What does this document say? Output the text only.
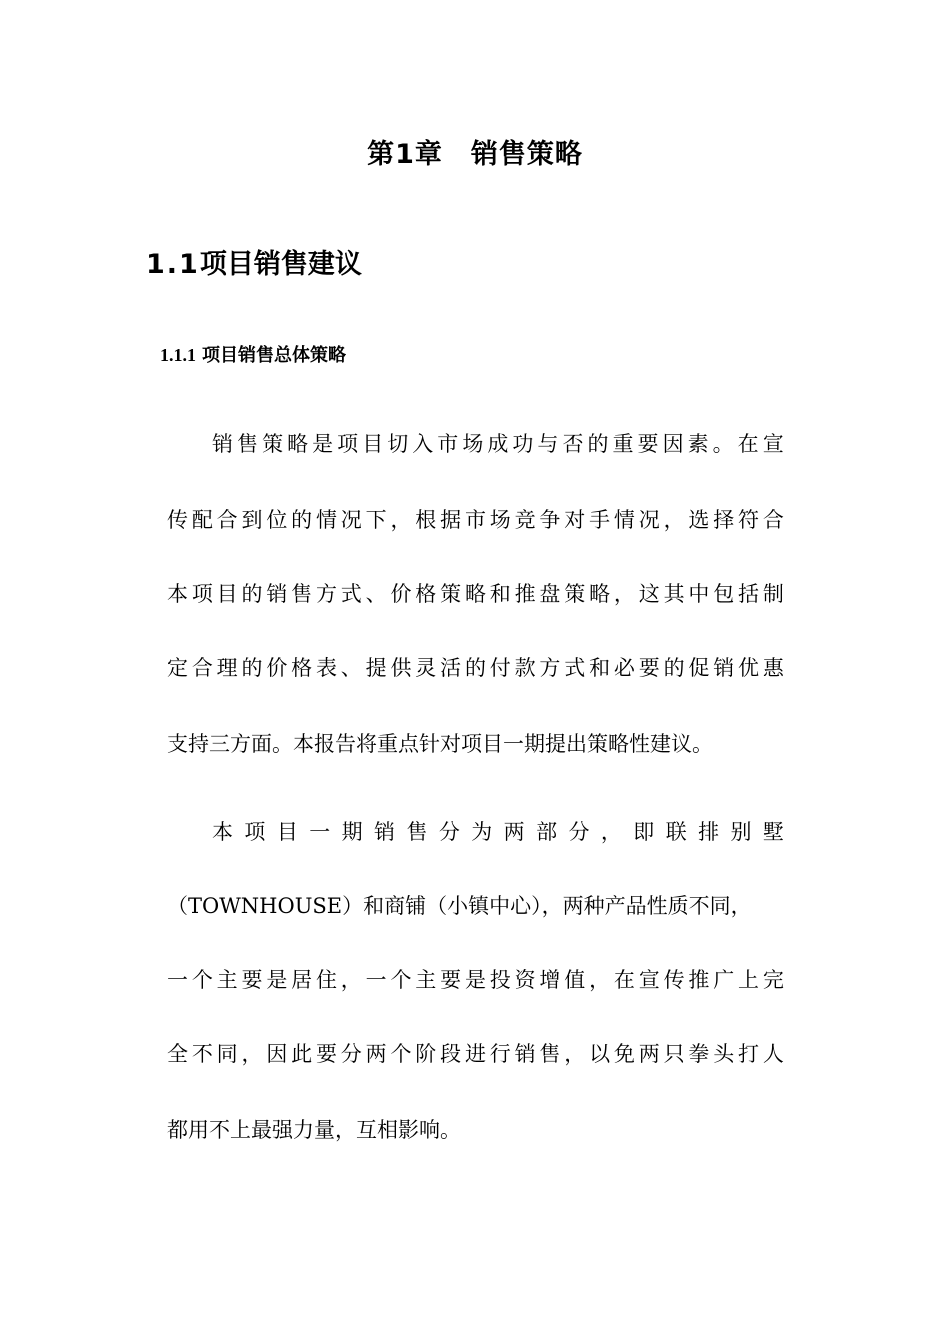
第1章 销售策略
1.1项目销售建议
1.1.1 项目销售总体策略
销 售 策 略 是 项 目 切 入 市 场 成 功 与 否 的 重 要 因 素 。 在 宣
传 配 合 到 位 的 情 况 下 ， 根 据 市 场 竞 争 对 手 情 况 ， 选 择 符 合
本 项 目 的 销 售 方 式 、 价 格 策 略 和 推 盘 策 略 ， 这 其 中 包 括 制
定 合 理 的 价 格 表 、 提 供 灵 活 的 付 款 方 式 和 必 要 的 促 销 优 惠
支持三方面。本报告将重点针对项目一期提出策略性建议。
本 项 目 一 期 销 售 分 为 两 部 分 ， 即 联 排 别 墅
（TOWNHOUSE）和商铺（小镇中心），两种产品性质不同，
一 个 主 要 是 居 住 ， 一 个 主 要 是 投 资 增 值 ， 在 宣 传 推 广 上 完
全 不 同 ， 因 此 要 分 两 个 阶 段 进 行 销 售 ， 以 免 两 只 拳 头 打 人
都用不上最强力量，互相影响。
